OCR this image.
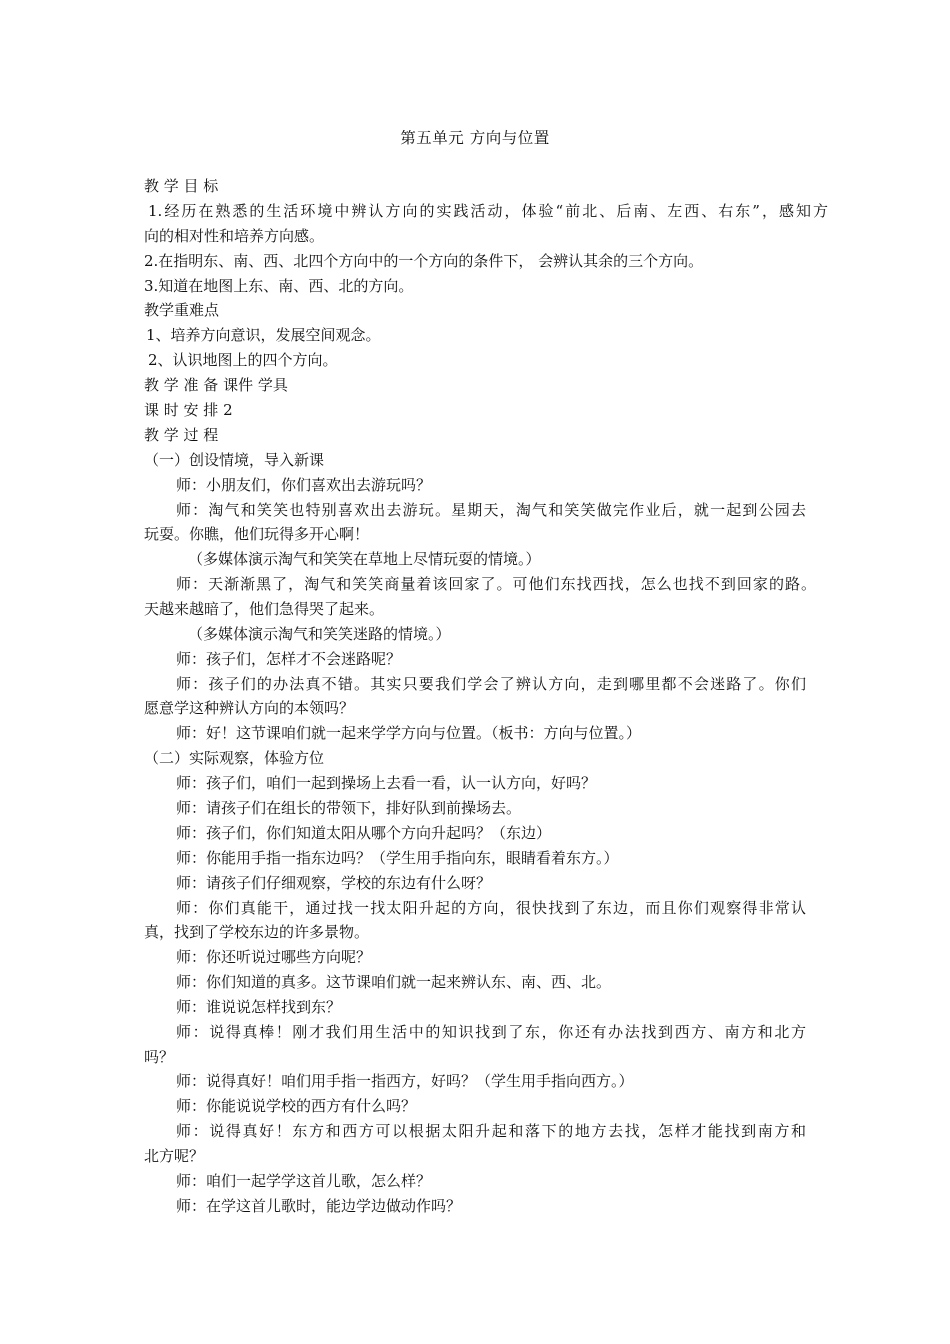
第五单元 方向与位置
教 学 目 标
1.经历在熟悉的生活环境中辨认方向的实践活动，体验“前北、后南、左西、右东”，感知方
向的相对性和培养方向感。
2.在指明东、南、西、北四个方向中的一个方向的条件下， 会辨认其余的三个方向。
3.知道在地图上东、南、西、北的方向。
教学重难点
1、培养方向意识，发展空间观念。
2、认识地图上的四个方向。
教 学 准 备 课件 学具
课 时 安 排 2
教 学 过 程
（一）创设情境，导入新课
师：小朋友们，你们喜欢出去游玩吗？
师：淘气和笑笑也特别喜欢出去游玩。星期天，淘气和笑笑做完作业后，就一起到公园去
玩耍。你瞧，他们玩得多开心啊！
（多媒体演示淘气和笑笑在草地上尽情玩耍的情境。）
师：天渐渐黑了，淘气和笑笑商量着该回家了。可他们东找西找，怎么也找不到回家的路。
天越来越暗了，他们急得哭了起来。
（多媒体演示淘气和笑笑迷路的情境。）
师：孩子们，怎样才不会迷路呢？
师：孩子们的办法真不错。其实只要我们学会了辨认方向，走到哪里都不会迷路了。你们
愿意学这种辨认方向的本领吗？
师：好！这节课咱们就一起来学学方向与位置。（板书：方向与位置。）
（二）实际观察，体验方位
师：孩子们，咱们一起到操场上去看一看，认一认方向，好吗？
师：请孩子们在组长的带领下，排好队到前操场去。
师：孩子们，你们知道太阳从哪个方向升起吗？（东边）
师：你能用手指一指东边吗？（学生用手指向东，眼睛看着东方。）
师：请孩子们仔细观察，学校的东边有什么呀？
师：你们真能干，通过找一找太阳升起的方向，很快找到了东边，而且你们观察得非常认
真，找到了学校东边的许多景物。
师：你还听说过哪些方向呢？
师：你们知道的真多。这节课咱们就一起来辨认东、南、西、北。
师：谁说说怎样找到东？
师：说得真棒！刚才我们用生活中的知识找到了东，你还有办法找到西方、南方和北方
吗？
师：说得真好！咱们用手指一指西方，好吗？（学生用手指向西方。）
师：你能说说学校的西方有什么吗？
师：说得真好！东方和西方可以根据太阳升起和落下的地方去找，怎样才能找到南方和
北方呢？
师：咱们一起学学这首儿歌，怎么样？
师：在学这首儿歌时，能边学边做动作吗？
